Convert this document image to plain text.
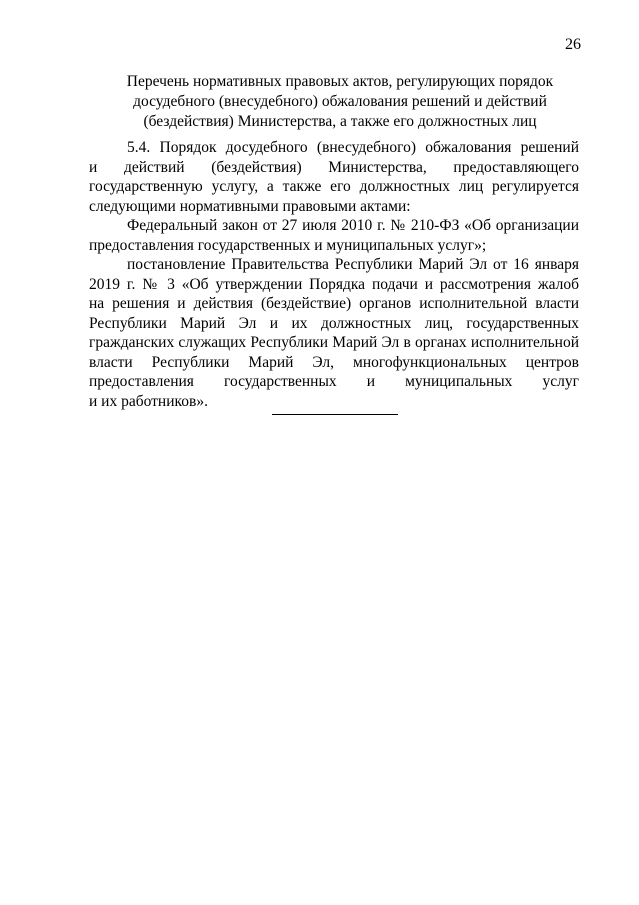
26
Перечень нормативных правовых актов, регулирующих порядок
досудебного (внесудебного) обжалования решений и действий
(бездействия) Министерства, а также его должностных лиц
5.4. Порядок досудебного (внесудебного) обжалования решений
и действий (бездействия) Министерства, предоставляющего
государственную услугу, а также его должностных лиц регулируется
следующими нормативными правовыми актами:
Федеральный закон от 27 июля 2010 г. № 210-ФЗ «Об организации
предоставления государственных и муниципальных услуг»;
постановление Правительства Республики Марий Эл от 16 января
2019 г. № 3 «Об утверждении Порядка подачи и рассмотрения жалоб
на решения и действия (бездействие) органов исполнительной власти
Республики Марий Эл и их должностных лиц, государственных
гражданских служащих Республики Марий Эл в органах исполнительной
власти Республики Марий Эл, многофункциональных центров
предоставления государственных и муниципальных услуг
и их работников».
